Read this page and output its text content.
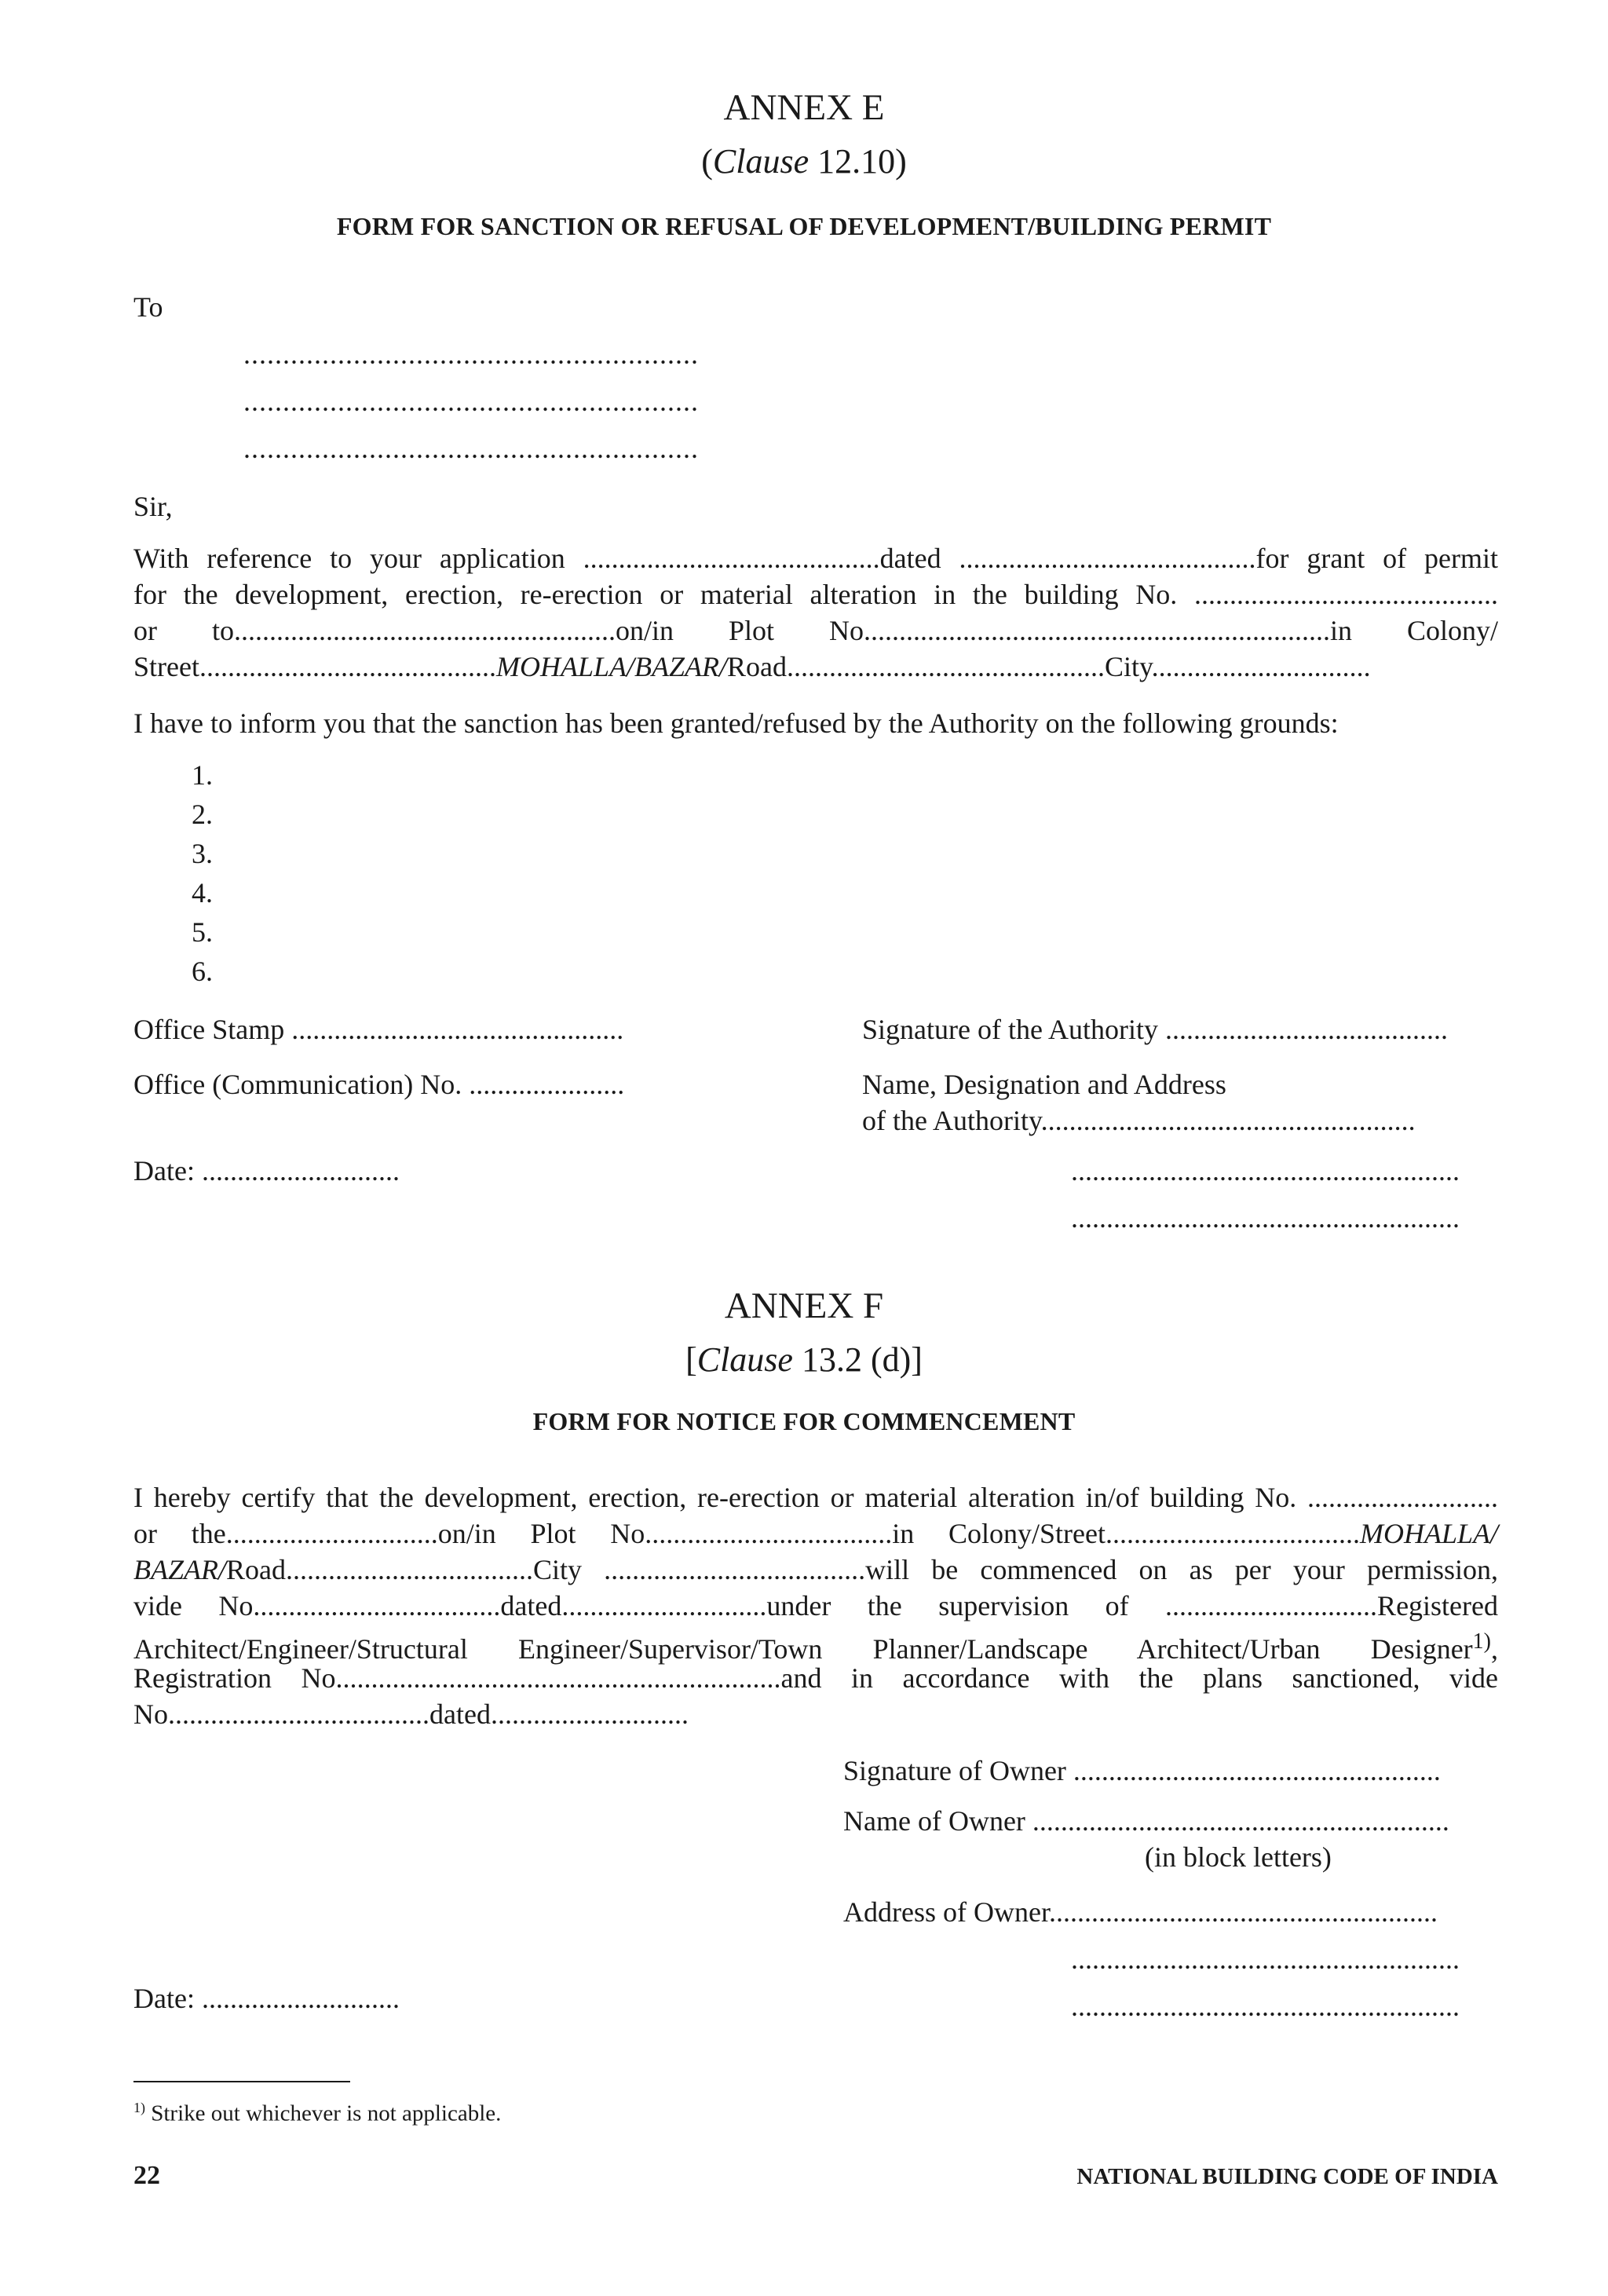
ANNEX E
(Clause 12.10)
FORM FOR SANCTION OR REFUSAL OF DEVELOPMENT/BUILDING PERMIT
To
..........................................................
..........................................................
..........................................................
Sir,
With reference to your application ..........................................dated ..........................................for grant of permit
for the development, erection, re-erection or material alteration in the building No. ...........................................
or to......................................................on/in Plot No..................................................................in Colony/
Street..........................................MOHALLA/BAZAR/Road.............................................City...............................
I have to inform you that the sanction has been granted/refused by the Authority on the following grounds:
1.
2.
3.
4.
5.
6.
Office Stamp ...............................................
Office (Communication) No. ......................
Date: ............................
Signature of the Authority ........................................
Name, Designation and Address
of the Authority.....................................................
.......................................................
.......................................................
ANNEX F
[Clause 13.2 (d)]
FORM FOR NOTICE FOR COMMENCEMENT
I hereby certify that the development, erection, re-erection or material alteration in/of building No. ...........................
or the..............................on/in Plot No...................................in Colony/Street....................................MOHALLA/
BAZAR/Road...................................City .....................................will be commenced on as per your permission,
vide No...................................dated.............................under the supervision of ..............................Registered
Architect/Engineer/Structural Engineer/Supervisor/Town Planner/Landscape Architect/Urban Designer$^{1)}$,
Registration No...............................................................and in accordance with the plans sanctioned, vide
No.....................................dated............................
Signature of Owner ....................................................
Name of Owner ...........................................................
(in block letters)
Address of Owner.......................................................
.......................................................
.......................................................
Date: ............................
$^{1)}$ Strike out whichever is not applicable.
22	NATIONAL BUILDING CODE OF INDIA
